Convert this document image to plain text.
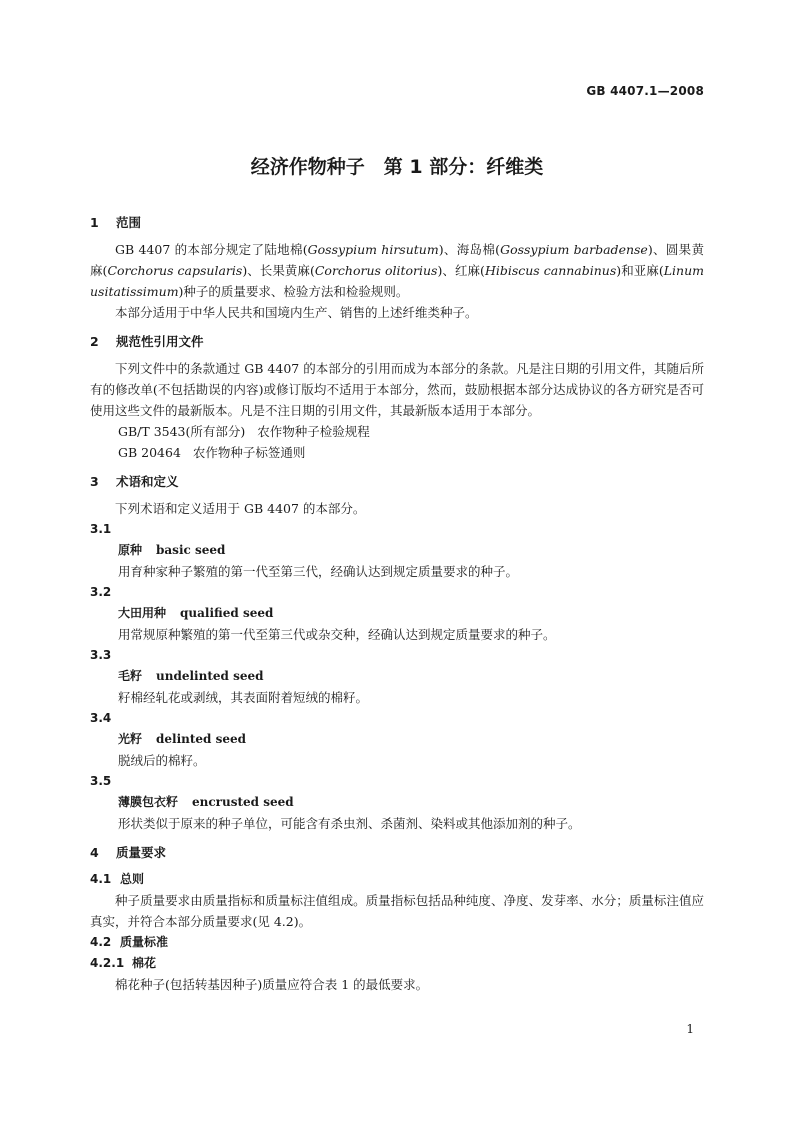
GB 4407.1—2008
经济作物种子　第 1 部分：纤维类

1 范围

GB 4407 的本部分规定了陆地棉(Gossypium hirsutum)、海岛棉(Gossypium barbadense)、圆果黄麻(Corchorus capsularis)、长果黄麻(Corchorus olitorius)、红麻(Hibiscus cannabinus)和亚麻(Linum usitatissimum)种子的质量要求、检验方法和检验规则。

本部分适用于中华人民共和国境内生产、销售的上述纤维类种子。

2 规范性引用文件

下列文件中的条款通过 GB 4407 的本部分的引用而成为本部分的条款。凡是注日期的引用文件，其随后所有的修改单(不包括勘误的内容)或修订版均不适用于本部分，然而，鼓励根据本部分达成协议的各方研究是否可使用这些文件的最新版本。凡是不注日期的引用文件，其最新版本适用于本部分。

GB/T 3543(所有部分) 农作物种子检验规程

GB 20464 农作物种子标签通则

3 术语和定义

下列术语和定义适用于 GB 4407 的本部分。

3.1

原种 basic seed

用育种家种子繁殖的第一代至第三代，经确认达到规定质量要求的种子。

3.2

大田用种 qualified seed

用常规原种繁殖的第一代至第三代或杂交种，经确认达到规定质量要求的种子。

3.3

毛籽 undelinted seed

籽棉经轧花或剥绒，其表面附着短绒的棉籽。

3.4

光籽 delinted seed

脱绒后的棉籽。

3.5

薄膜包衣籽 encrusted seed

形状类似于原来的种子单位，可能含有杀虫剂、杀菌剂、染料或其他添加剂的种子。

4 质量要求

4.1 总则

种子质量要求由质量指标和质量标注值组成。质量指标包括品种纯度、净度、发芽率、水分；质量标注值应真实，并符合本部分质量要求(见 4.2)。

4.2 质量标准

4.2.1 棉花

棉花种子(包括转基因种子)质量应符合表 1 的最低要求。

1
